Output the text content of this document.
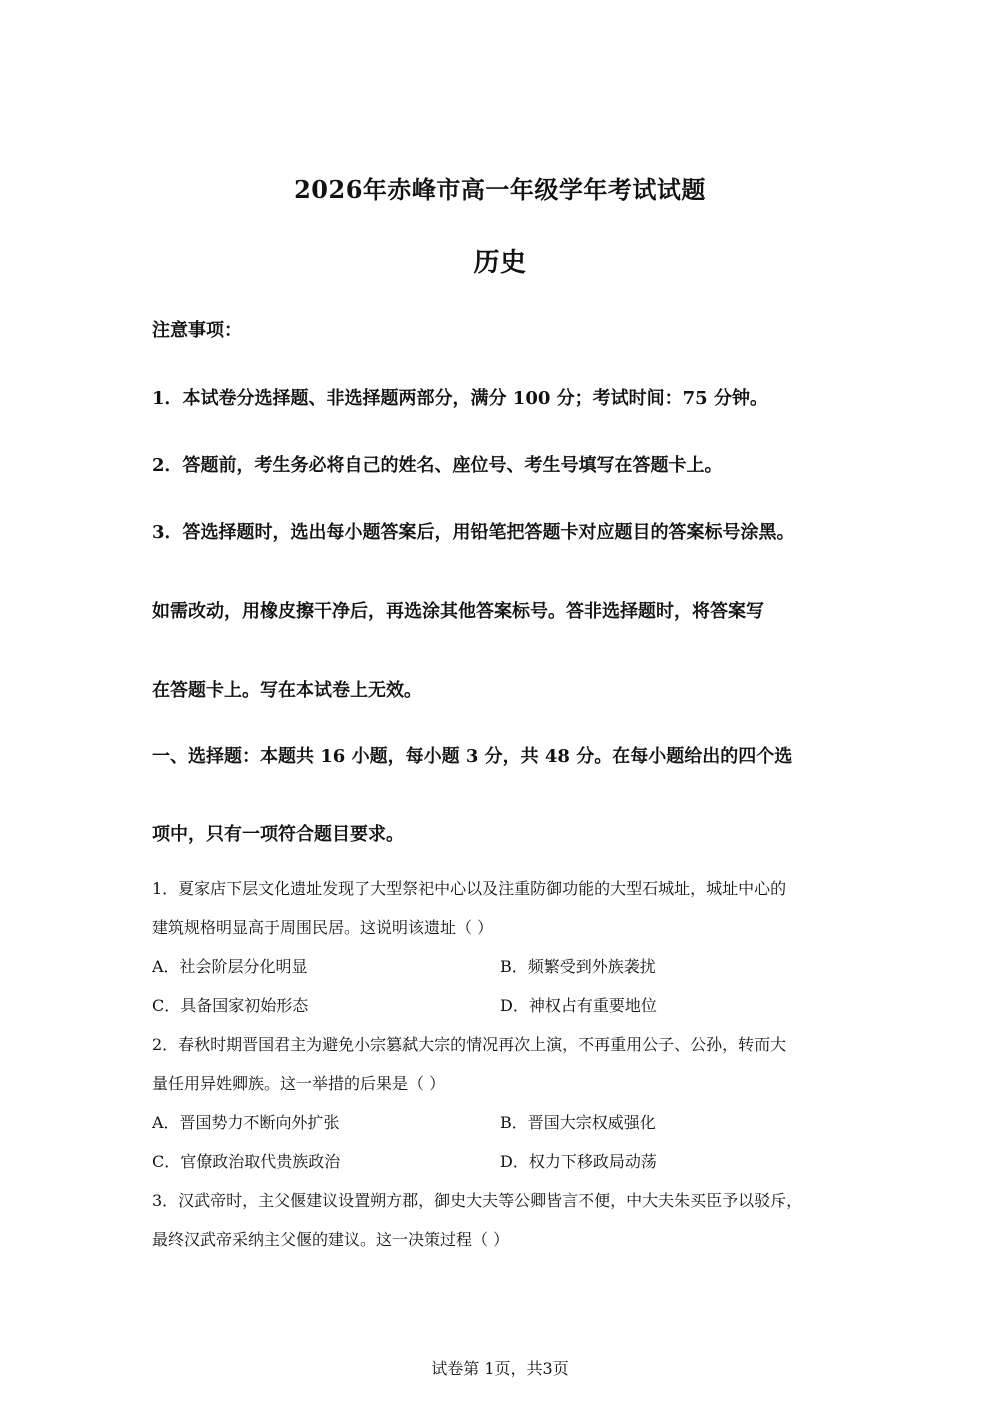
2026年赤峰市高一年级学年考试试题
历史
注意事项：
1．本试卷分选择题、非选择题两部分，满分 100 分；考试时间：75 分钟。
2．答题前，考生务必将自己的姓名、座位号、考生号填写在答题卡上。
3．答选择题时，选出每小题答案后，用铅笔把答题卡对应题目的答案标号涂黑。
如需改动，用橡皮擦干净后，再选涂其他答案标号。答非选择题时，将答案写
在答题卡上。写在本试卷上无效。
一、选择题：本题共 16 小题，每小题 3 分，共 48 分。在每小题给出的四个选
项中，只有一项符合题目要求。
1．夏家店下层文化遗址发现了大型祭祀中心以及注重防御功能的大型石城址，城址中心的
建筑规格明显高于周围民居。这说明该遗址（ ）
A．社会阶层分化明显	B．频繁受到外族袭扰
C．具备国家初始形态	D．神权占有重要地位
2．春秋时期晋国君主为避免小宗篡弑大宗的情况再次上演，不再重用公子、公孙，转而大
量任用异姓卿族。这一举措的后果是（ ）
A．晋国势力不断向外扩张	B．晋国大宗权威强化
C．官僚政治取代贵族政治	D．权力下移政局动荡
3．汉武帝时，主父偃建议设置朔方郡，御史大夫等公卿皆言不便，中大夫朱买臣予以驳斥，
最终汉武帝采纳主父偃的建议。这一决策过程（ ）
试卷第 1页，共3页
